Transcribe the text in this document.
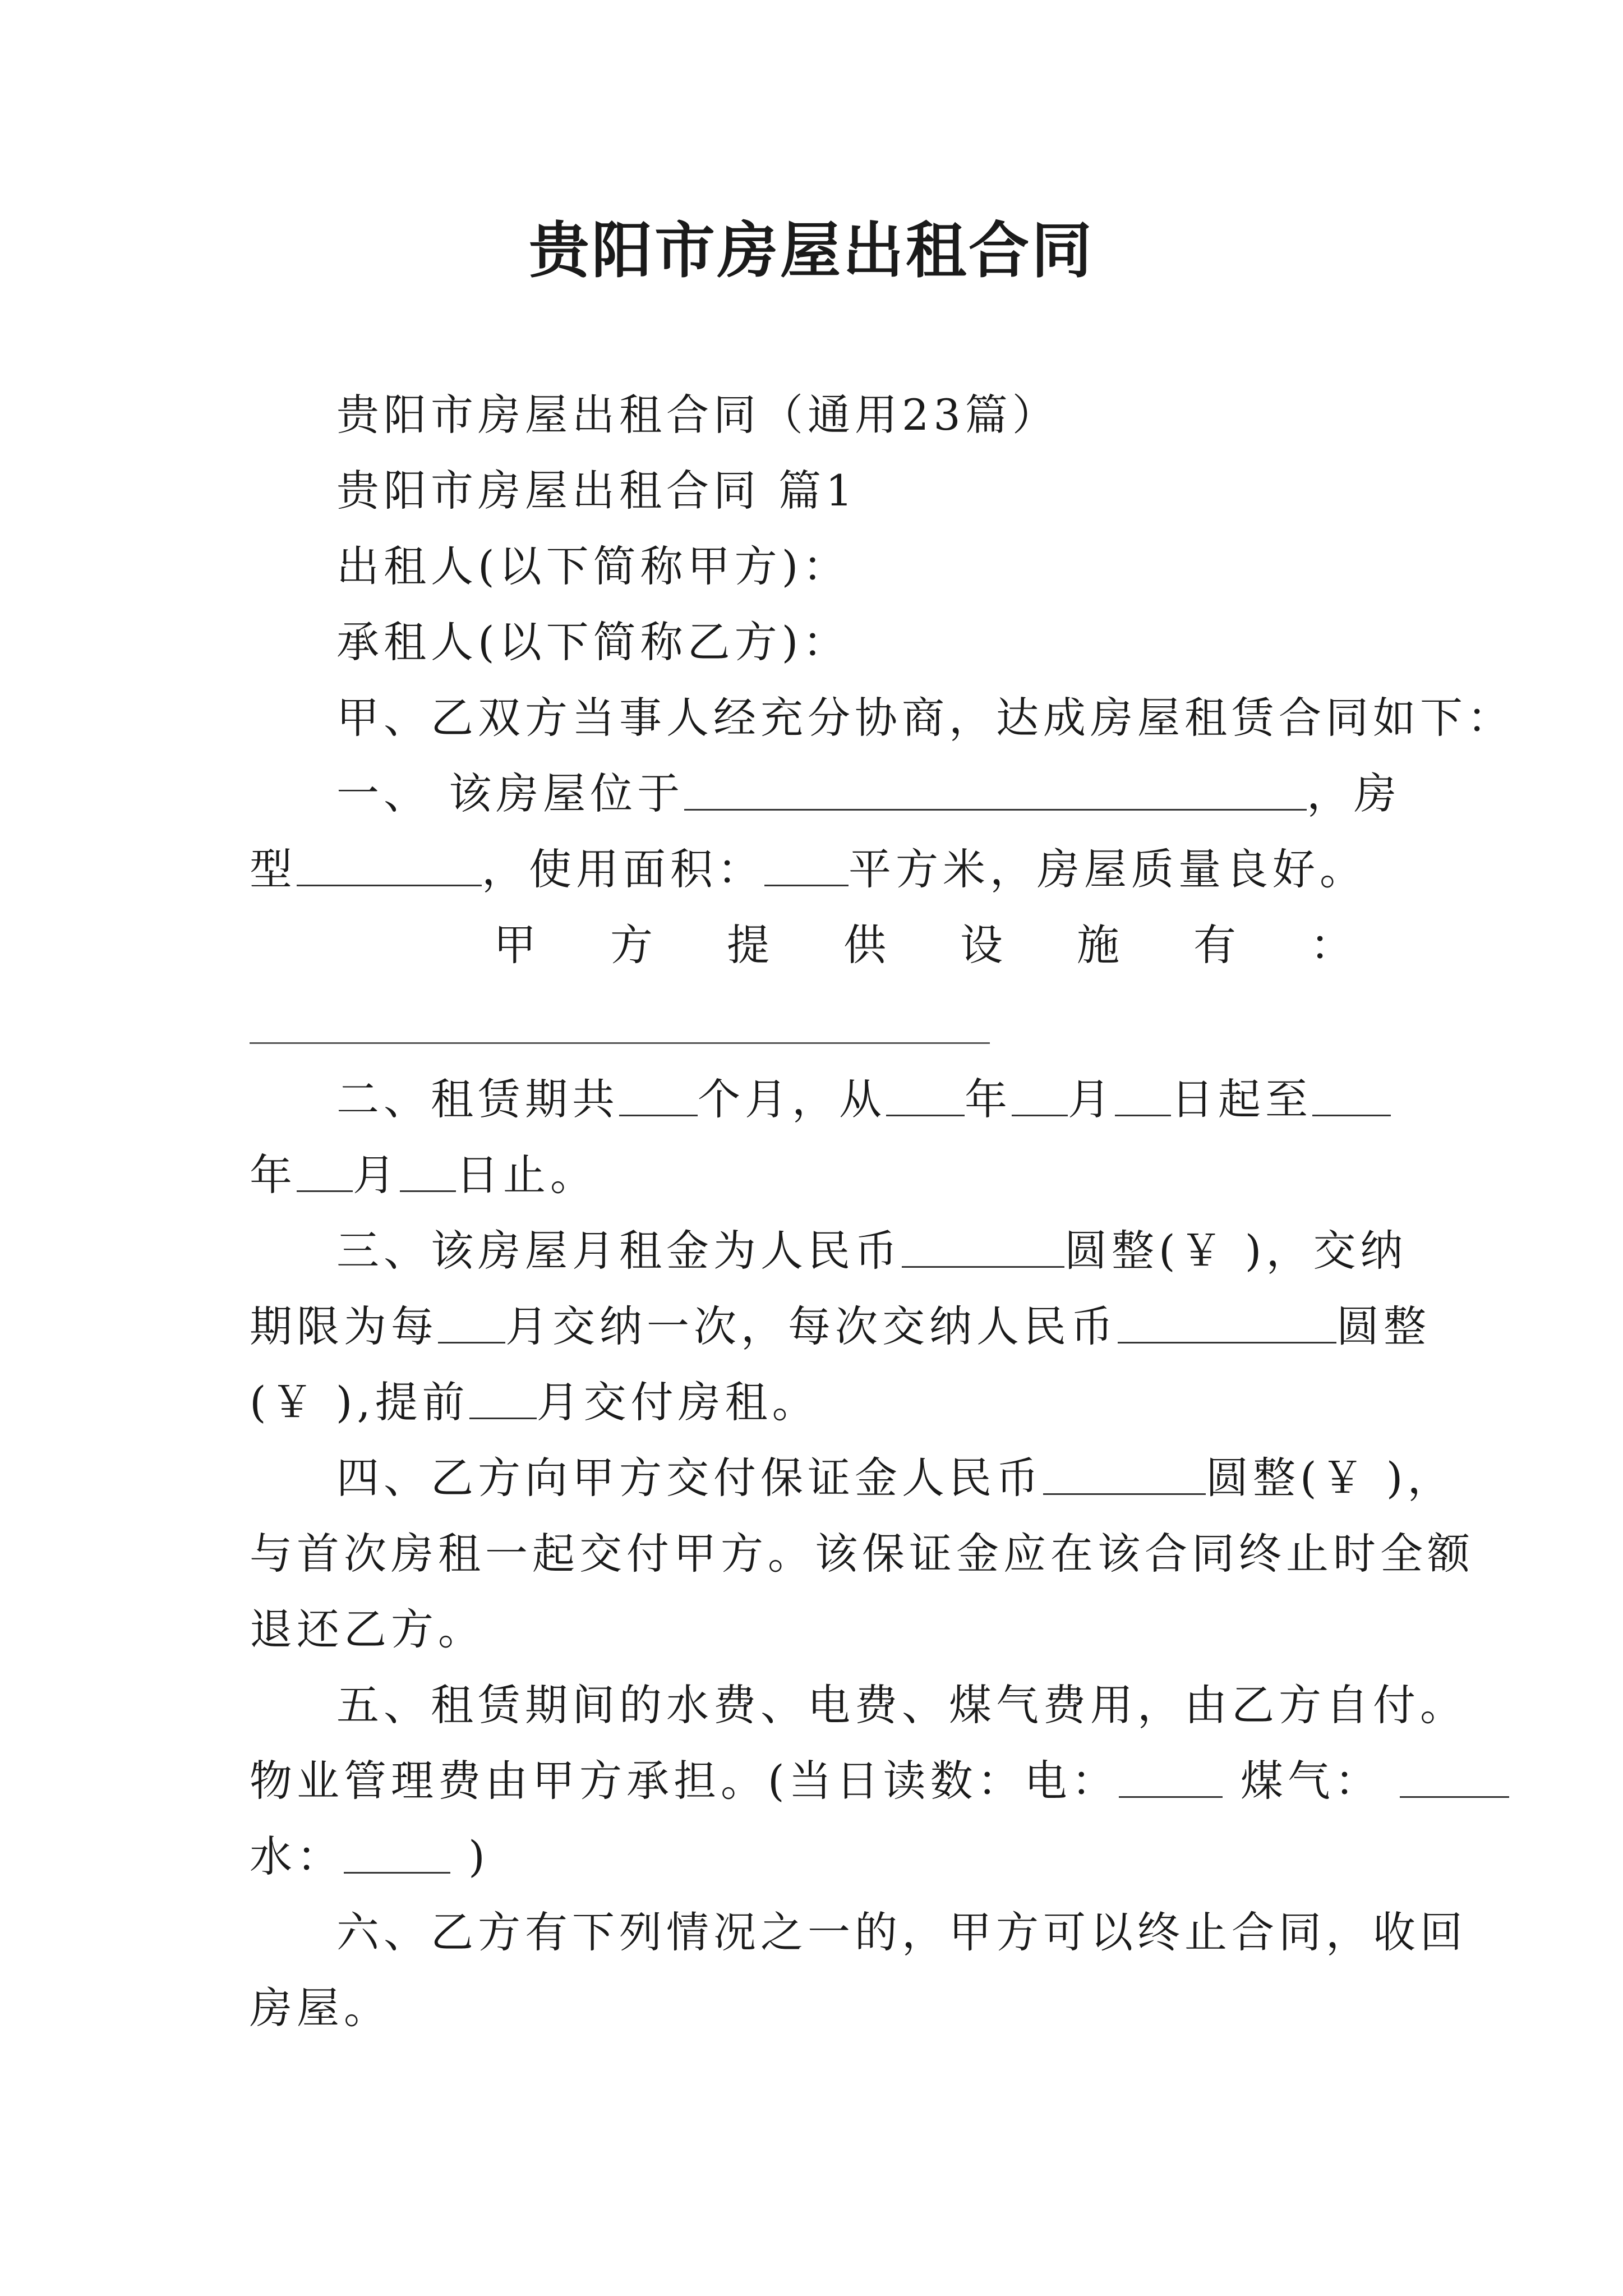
贵阳市房屋出租合同
贵阳市房屋出租合同（通用23篇）
贵阳市房屋出租合同 篇1
出租人(以下简称甲方)：
承租人(以下简称乙方)：
甲、乙双方当事人经充分协商，达成房屋租赁合同如下：
一、 该房屋位于	，房
型	，使用面积： 平方米，房屋质量良好。
甲 方 提 供 设 施 有 ：
二、租赁期共 个月，从 年 月 日起至
年 月 日止。
三、该房屋月租金为人民币	圆整(￥ )，交纳
期限为每 月交纳一次，每次交纳人民币	圆整
(￥ ),提前 月交付房租。
四、乙方向甲方交付保证金人民币	圆整(￥ )，
与首次房租一起交付甲方。该保证金应在该合同终止时全额
退还乙方。
五、租赁期间的水费、电费、煤气费用，由乙方自付。
物业管理费由甲方承担。(当日读数：电：	煤气：
水：	)
六、乙方有下列情况之一的，甲方可以终止合同，收回
房屋。
